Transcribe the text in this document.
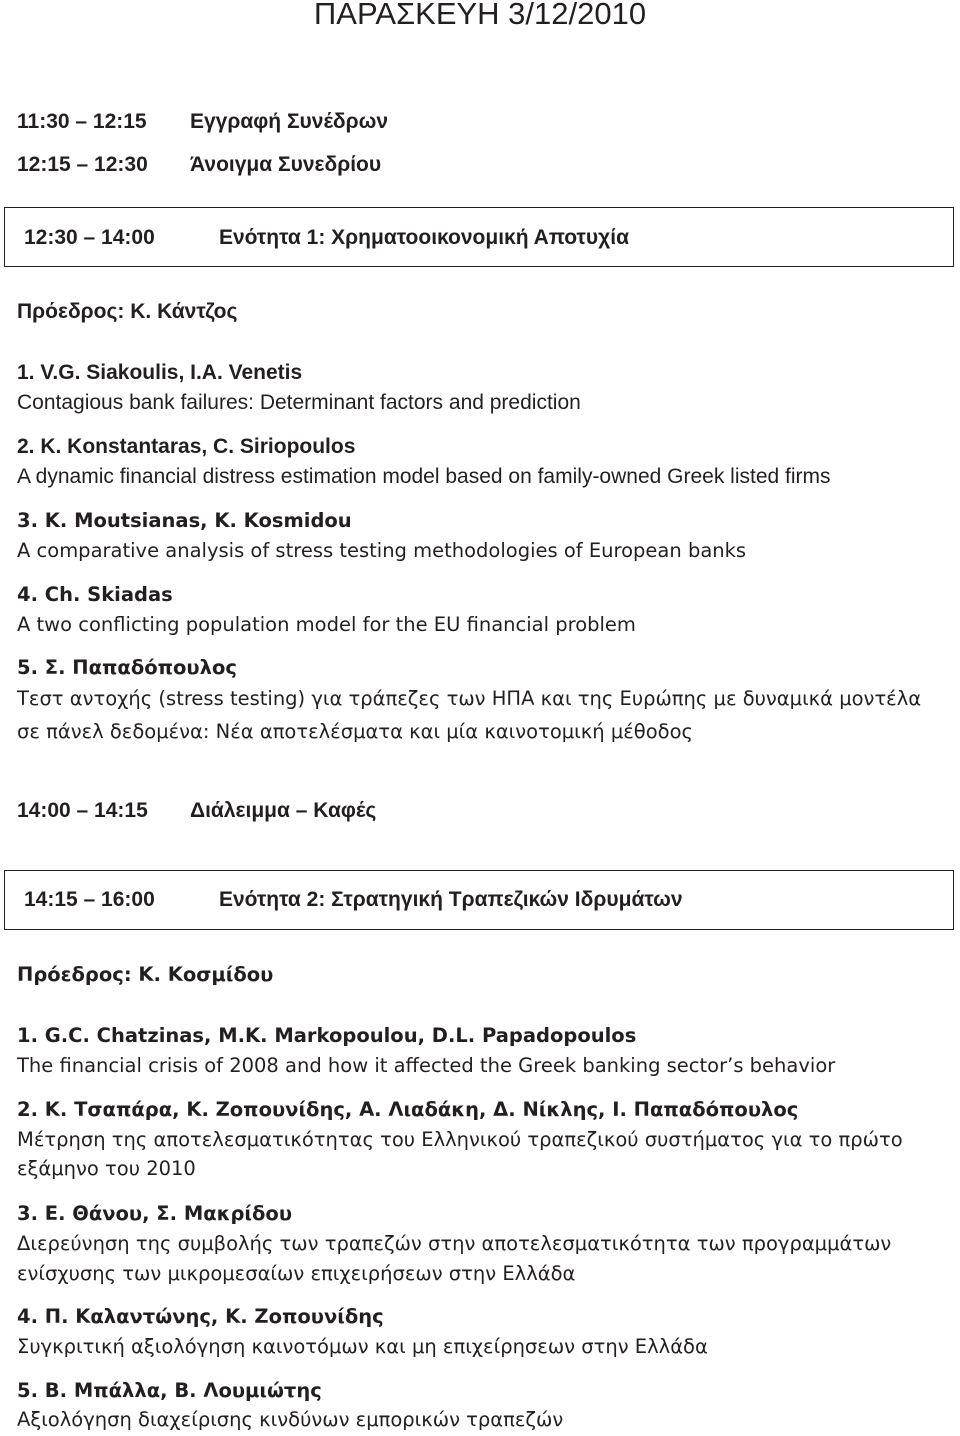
ΠΑΡΑΣΚΕΥΗ 3/12/2010
11:30 – 12:15 Εγγραφή Συνέδρων
12:15 – 12:30 Άνοιγμα Συνεδρίου
12:30 – 14:00	Ενότητα 1: Χρηματοοικονομική Αποτυχία
Πρόεδρος: Κ. Κάντζος
1. V.G. Siakoulis, I.A. Venetis
Contagious bank failures: Determinant factors and prediction
2. K. Konstantaras, C. Siriopoulos
A dynamic financial distress estimation model based on family-owned Greek listed firms
3. K. Moutsianas, K. Kosmidou
A comparative analysis of stress testing methodologies of European banks
4. Ch. Skiadas
A two conflicting population model for the EU financial problem
5. Σ. Παπαδόπουλος
Τεστ αντοχής (stress testing) για τράπεζες των ΗΠΑ και της Ευρώπης με δυναμικά μοντέλα
σε πάνελ δεδομένα: Νέα αποτελέσματα και μία καινοτομική μέθοδος
14:00 – 14:15 Διάλειμμα – Καφές
14:15 – 16:00	Ενότητα 2: Στρατηγική Τραπεζικών Ιδρυμάτων
Πρόεδρος: Κ. Κοσμίδου
1. G.C. Chatzinas, M.K. Markopoulou, D.L. Papadopoulos
The financial crisis of 2008 and how it affected the Greek banking sector’s behavior
2. Κ. Τσαπάρα, Κ. Ζοπουνίδης, Α. Λιαδάκη, Δ. Νίκλης, Ι. Παπαδόπουλος
Μέτρηση της αποτελεσματικότητας του Ελληνικού τραπεζικού συστήματος για το πρώτο
εξάμηνο του 2010
3. Ε. Θάνου, Σ. Μακρίδου
Διερεύνηση της συμβολής των τραπεζών στην αποτελεσματικότητα των προγραμμάτων
ενίσχυσης των μικρομεσαίων επιχειρήσεων στην Ελλάδα
4. Π. Καλαντώνης, Κ. Ζοπουνίδης
Συγκριτική αξιολόγηση καινοτόμων και μη επιχείρησεων στην Ελλάδα
5. Β. Μπάλλα, Β. Λουμιώτης
Αξιολόγηση διαχείρισης κινδύνων εμπορικών τραπεζών
